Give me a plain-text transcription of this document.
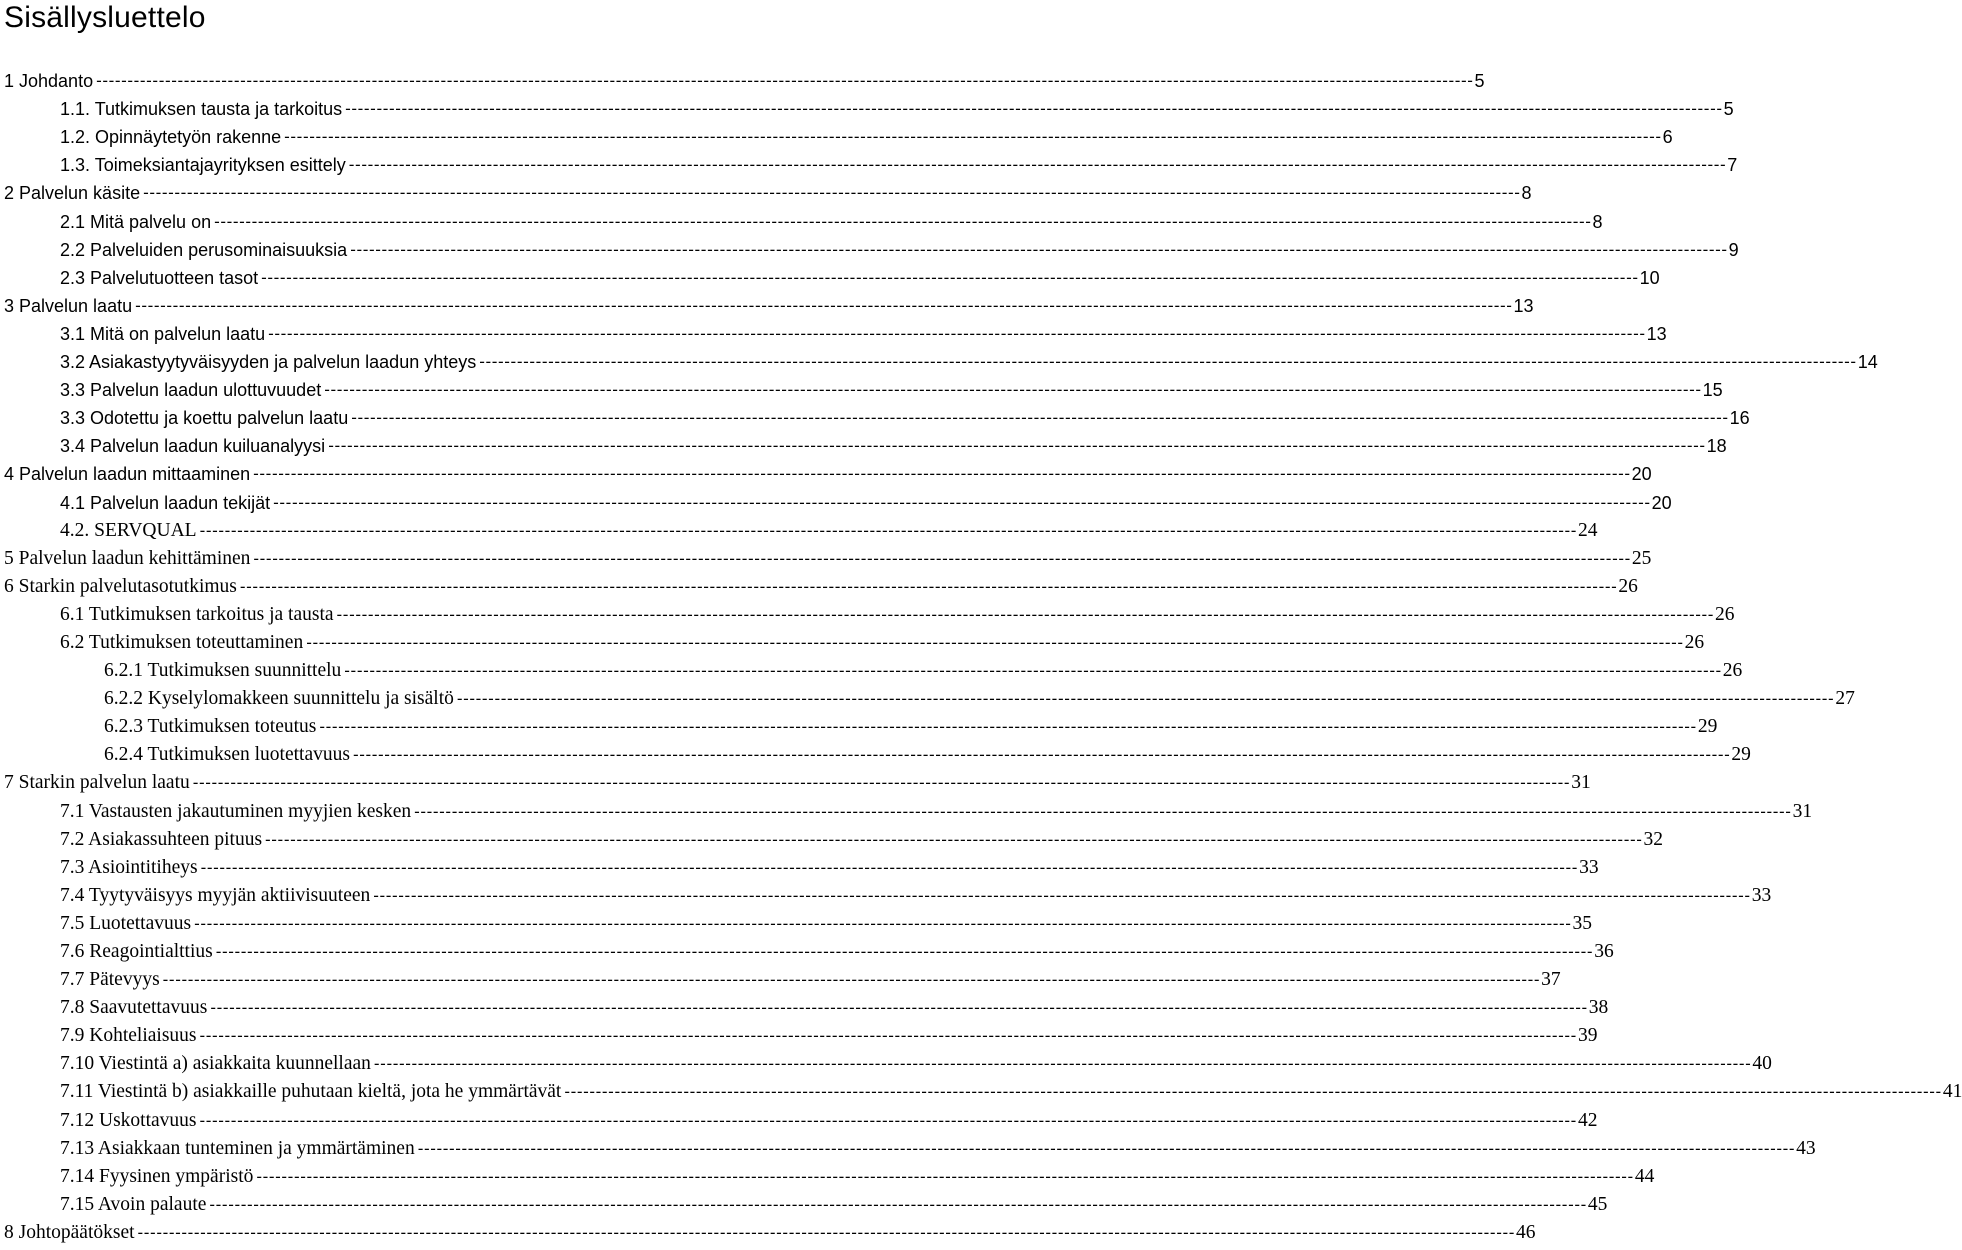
Sisällysluettelo
1 Johdanto ---------------------------------------------------------------------------------------------------------------------------------------------------------------------------------------------------------------------------- 5
1.1. Tutkimuksen tausta ja tarkoitus ---------------------------------------------------------------------------------------------------------------------------------------------------------------------------------------------------------------------------- 5
1.2. Opinnäytetyön rakenne ---------------------------------------------------------------------------------------------------------------------------------------------------------------------------------------------------------------------------- 6
1.3. Toimeksiantajayrityksen esittely ---------------------------------------------------------------------------------------------------------------------------------------------------------------------------------------------------------------------------- 7
2 Palvelun käsite ---------------------------------------------------------------------------------------------------------------------------------------------------------------------------------------------------------------------------- 8
2.1 Mitä palvelu on ---------------------------------------------------------------------------------------------------------------------------------------------------------------------------------------------------------------------------- 8
2.2 Palveluiden perusominaisuuksia ---------------------------------------------------------------------------------------------------------------------------------------------------------------------------------------------------------------------------- 9
2.3 Palvelutuotteen tasot ---------------------------------------------------------------------------------------------------------------------------------------------------------------------------------------------------------------------------- 10
3 Palvelun laatu ---------------------------------------------------------------------------------------------------------------------------------------------------------------------------------------------------------------------------- 13
3.1 Mitä on palvelun laatu ---------------------------------------------------------------------------------------------------------------------------------------------------------------------------------------------------------------------------- 13
3.2 Asiakastyytyväisyyden ja palvelun laadun yhteys ---------------------------------------------------------------------------------------------------------------------------------------------------------------------------------------------------------------------------- 14
3.3 Palvelun laadun ulottuvuudet ---------------------------------------------------------------------------------------------------------------------------------------------------------------------------------------------------------------------------- 15
3.3 Odotettu ja koettu palvelun laatu ---------------------------------------------------------------------------------------------------------------------------------------------------------------------------------------------------------------------------- 16
3.4 Palvelun laadun kuiluanalyysi ---------------------------------------------------------------------------------------------------------------------------------------------------------------------------------------------------------------------------- 18
4 Palvelun laadun mittaaminen ---------------------------------------------------------------------------------------------------------------------------------------------------------------------------------------------------------------------------- 20
4.1 Palvelun laadun tekijät ---------------------------------------------------------------------------------------------------------------------------------------------------------------------------------------------------------------------------- 20
4.2. SERVQUAL ---------------------------------------------------------------------------------------------------------------------------------------------------------------------------------------------------------------------------- 24
5 Palvelun laadun kehittäminen ---------------------------------------------------------------------------------------------------------------------------------------------------------------------------------------------------------------------------- 25
6 Starkin palvelutasotutkimus ---------------------------------------------------------------------------------------------------------------------------------------------------------------------------------------------------------------------------- 26
6.1 Tutkimuksen tarkoitus ja tausta ---------------------------------------------------------------------------------------------------------------------------------------------------------------------------------------------------------------------------- 26
6.2 Tutkimuksen toteuttaminen ---------------------------------------------------------------------------------------------------------------------------------------------------------------------------------------------------------------------------- 26
6.2.1 Tutkimuksen suunnittelu ---------------------------------------------------------------------------------------------------------------------------------------------------------------------------------------------------------------------------- 26
6.2.2 Kyselylomakkeen suunnittelu ja sisältö ---------------------------------------------------------------------------------------------------------------------------------------------------------------------------------------------------------------------------- 27
6.2.3 Tutkimuksen toteutus ---------------------------------------------------------------------------------------------------------------------------------------------------------------------------------------------------------------------------- 29
6.2.4 Tutkimuksen luotettavuus ---------------------------------------------------------------------------------------------------------------------------------------------------------------------------------------------------------------------------- 29
7 Starkin palvelun laatu ---------------------------------------------------------------------------------------------------------------------------------------------------------------------------------------------------------------------------- 31
7.1 Vastausten jakautuminen myyjien kesken ---------------------------------------------------------------------------------------------------------------------------------------------------------------------------------------------------------------------------- 31
7.2 Asiakassuhteen pituus ---------------------------------------------------------------------------------------------------------------------------------------------------------------------------------------------------------------------------- 32
7.3 Asiointitiheys ---------------------------------------------------------------------------------------------------------------------------------------------------------------------------------------------------------------------------- 33
7.4 Tyytyväisyys myyjän aktiivisuuteen ---------------------------------------------------------------------------------------------------------------------------------------------------------------------------------------------------------------------------- 33
7.5 Luotettavuus ---------------------------------------------------------------------------------------------------------------------------------------------------------------------------------------------------------------------------- 35
7.6 Reagointialttius ---------------------------------------------------------------------------------------------------------------------------------------------------------------------------------------------------------------------------- 36
7.7 Pätevyys ---------------------------------------------------------------------------------------------------------------------------------------------------------------------------------------------------------------------------- 37
7.8 Saavutettavuus ---------------------------------------------------------------------------------------------------------------------------------------------------------------------------------------------------------------------------- 38
7.9 Kohteliaisuus ---------------------------------------------------------------------------------------------------------------------------------------------------------------------------------------------------------------------------- 39
7.10 Viestintä a) asiakkaita kuunnellaan ---------------------------------------------------------------------------------------------------------------------------------------------------------------------------------------------------------------------------- 40
7.11 Viestintä b) asiakkaille puhutaan kieltä, jota he ymmärtävät ---------------------------------------------------------------------------------------------------------------------------------------------------------------------------------------------------------------------------- 41
7.12 Uskottavuus ---------------------------------------------------------------------------------------------------------------------------------------------------------------------------------------------------------------------------- 42
7.13 Asiakkaan tunteminen ja ymmärtäminen ---------------------------------------------------------------------------------------------------------------------------------------------------------------------------------------------------------------------------- 43
7.14 Fyysinen ympäristö ---------------------------------------------------------------------------------------------------------------------------------------------------------------------------------------------------------------------------- 44
7.15 Avoin palaute ---------------------------------------------------------------------------------------------------------------------------------------------------------------------------------------------------------------------------- 45
8 Johtopäätökset ---------------------------------------------------------------------------------------------------------------------------------------------------------------------------------------------------------------------------- 46
